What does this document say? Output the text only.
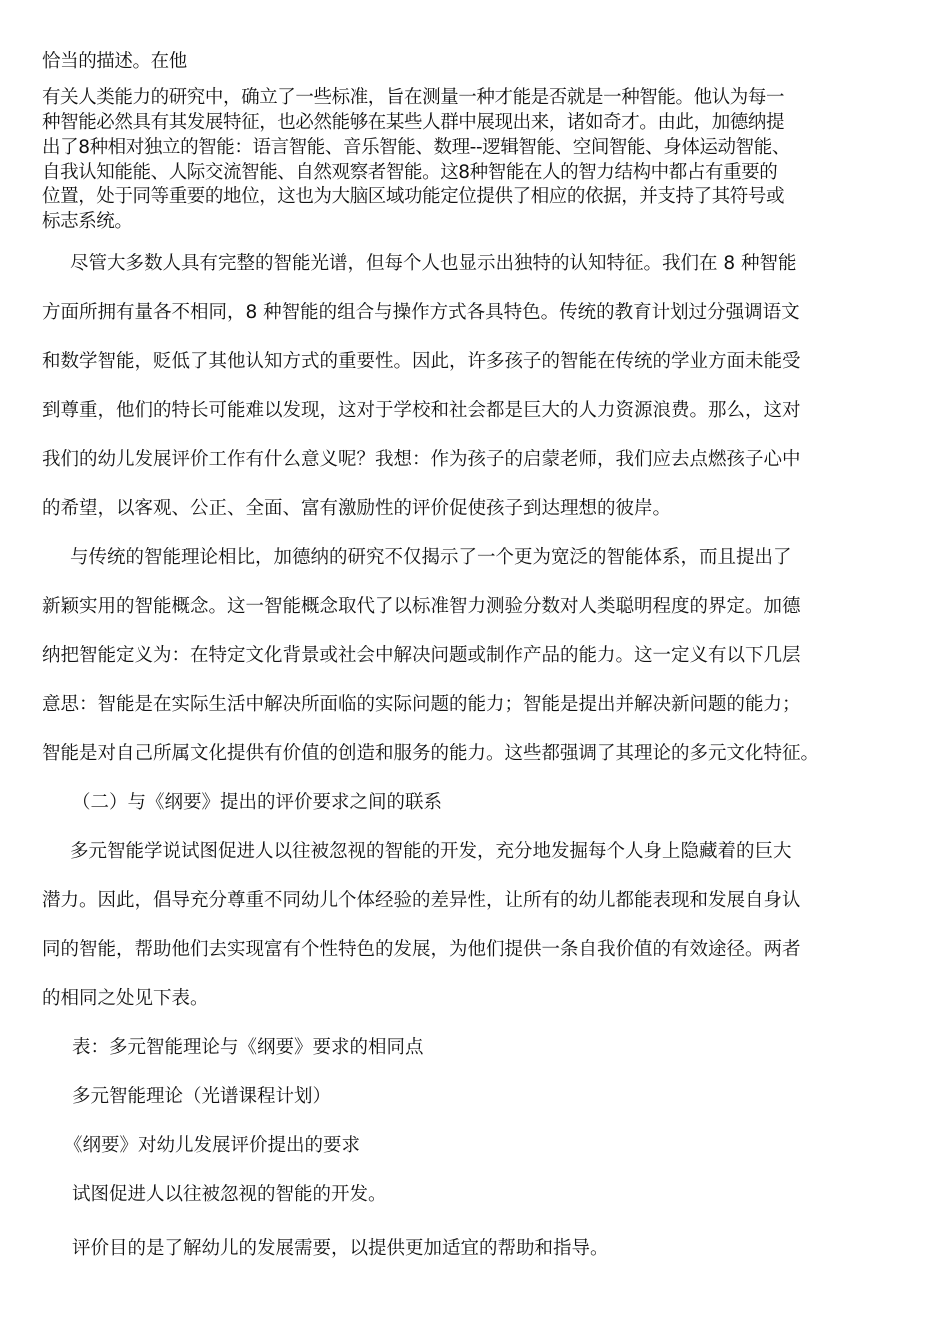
恰当的描述。在他
有关人类能力的研究中，确立了一些标准，旨在测量一种才能是否就是一种智能。他认为每一
种智能必然具有其发展特征，也必然能够在某些人群中展现出来，诸如奇才。由此，加德纳提
出了8种相对独立的智能：语言智能、音乐智能、数理--逻辑智能、空间智能、身体运动智能、
自我认知能能、人际交流智能、自然观察者智能。这8种智能在人的智力结构中都占有重要的
位置，处于同等重要的地位，这也为大脑区域功能定位提供了相应的依据，并支持了其符号或
标志系统。
尽管大多数人具有完整的智能光谱，但每个人也显示出独特的认知特征。我们在 8 种智能
方面所拥有量各不相同，8 种智能的组合与操作方式各具特色。传统的教育计划过分强调语文
和数学智能，贬低了其他认知方式的重要性。因此，许多孩子的智能在传统的学业方面未能受
到尊重，他们的特长可能难以发现，这对于学校和社会都是巨大的人力资源浪费。那么，这对
我们的幼儿发展评价工作有什么意义呢？我想：作为孩子的启蒙老师，我们应去点燃孩子心中
的希望，以客观、公正、全面、富有激励性的评价促使孩子到达理想的彼岸。
与传统的智能理论相比，加德纳的研究不仅揭示了一个更为宽泛的智能体系，而且提出了
新颖实用的智能概念。这一智能概念取代了以标准智力测验分数对人类聪明程度的界定。加德
纳把智能定义为：在特定文化背景或社会中解决问题或制作产品的能力。这一定义有以下几层
意思：智能是在实际生活中解决所面临的实际问题的能力；智能是提出并解决新问题的能力；
智能是对自己所属文化提供有价值的创造和服务的能力。这些都强调了其理论的多元文化特征。
（二）与《纲要》提出的评价要求之间的联系
多元智能学说试图促进人以往被忽视的智能的开发，充分地发掘每个人身上隐藏着的巨大
潜力。因此，倡导充分尊重不同幼儿个体经验的差异性，让所有的幼儿都能表现和发展自身认
同的智能，帮助他们去实现富有个性特色的发展，为他们提供一条自我价值的有效途径。两者
的相同之处见下表。
表：多元智能理论与《纲要》要求的相同点
多元智能理论（光谱课程计划）
《纲要》对幼儿发展评价提出的要求
试图促进人以往被忽视的智能的开发。
评价目的是了解幼儿的发展需要，以提供更加适宜的帮助和指导。
